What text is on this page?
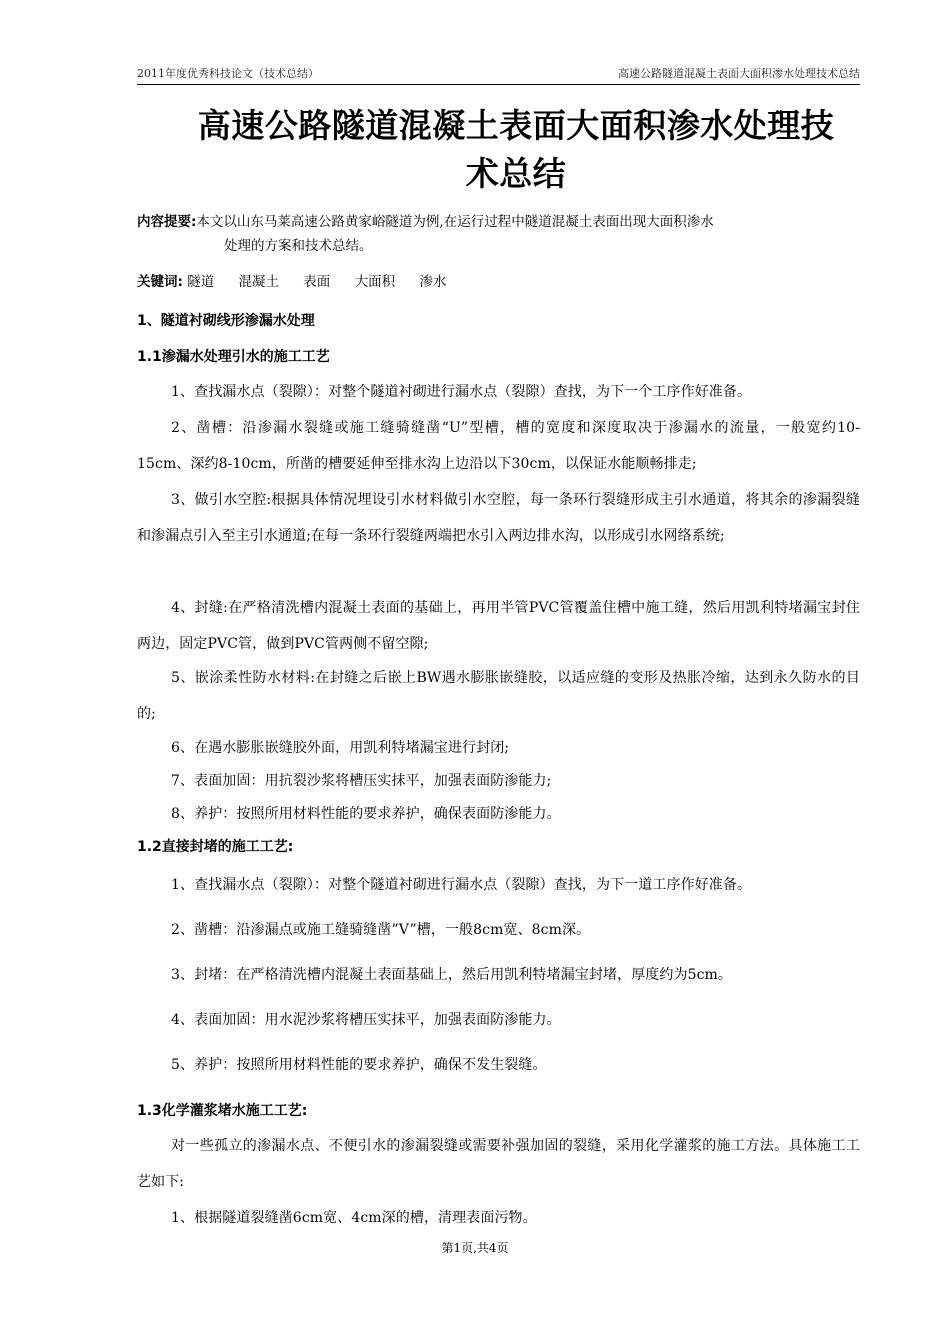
2011年度优秀科技论文（技术总结）	高速公路隧道混凝土表面大面积渗水处理技术总结
高速公路隧道混凝土表面大面积渗水处理技
术总结
内容提要:本文以山东马莱高速公路黄家峪隧道为例,在运行过程中隧道混凝土表面出现大面积渗水
处理的方案和技术总结。
关键词: 隧道 混凝土 表面 大面积 渗水
1、隧道衬砌线形渗漏水处理
1.1渗漏水处理引水的施工工艺
1、查找漏水点（裂隙）：对整个隧道衬砌进行漏水点（裂隙）查找，为下一个工序作好准备。
2、凿槽：沿渗漏水裂缝或施工缝骑缝凿“U”型槽，槽的宽度和深度取决于渗漏水的流量，一般宽约10-15cm、深约8-10cm，所凿的槽要延伸至排水沟上边沿以下30cm，以保证水能顺畅排走;
3、做引水空腔:根据具体情况埋设引水材料做引水空腔，每一条环行裂缝形成主引水通道，将其余的渗漏裂缝和渗漏点引入至主引水通道;在每一条环行裂缝两端把水引入两边排水沟，以形成引水网络系统;
4、封缝:在严格清洗槽内混凝土表面的基础上，再用半管PVC管覆盖住槽中施工缝，然后用凯利特堵漏宝封住两边，固定PVC管，做到PVC管两侧不留空隙;
5、嵌涂柔性防水材料:在封缝之后嵌上BW遇水膨胀嵌缝胶，以适应缝的变形及热胀冷缩，达到永久防水的目的;
6、在遇水膨胀嵌缝胶外面，用凯利特堵漏宝进行封闭;
7、表面加固：用抗裂沙浆将槽压实抹平，加强表面防渗能力;
8、养护：按照所用材料性能的要求养护，确保表面防渗能力。
1.2直接封堵的施工工艺:
1、查找漏水点（裂隙）：对整个隧道衬砌进行漏水点（裂隙）查找，为下一道工序作好准备。
2、凿槽：沿渗漏点或施工缝骑缝凿”V”槽，一般8cm宽、8cm深。
3、封堵：在严格清洗槽内混凝土表面基础上，然后用凯利特堵漏宝封堵，厚度约为5cm。
4、表面加固：用水泥沙浆将槽压实抹平，加强表面防渗能力。
5、养护：按照所用材料性能的要求养护，确保不发生裂缝。
1.3化学灌浆堵水施工工艺:
对一些孤立的渗漏水点、不便引水的渗漏裂缝或需要补强加固的裂缝，采用化学灌浆的施工方法。具体施工工艺如下:
1、根据隧道裂缝凿6cm宽、4cm深的槽，清理表面污物。
第1页,共4页
